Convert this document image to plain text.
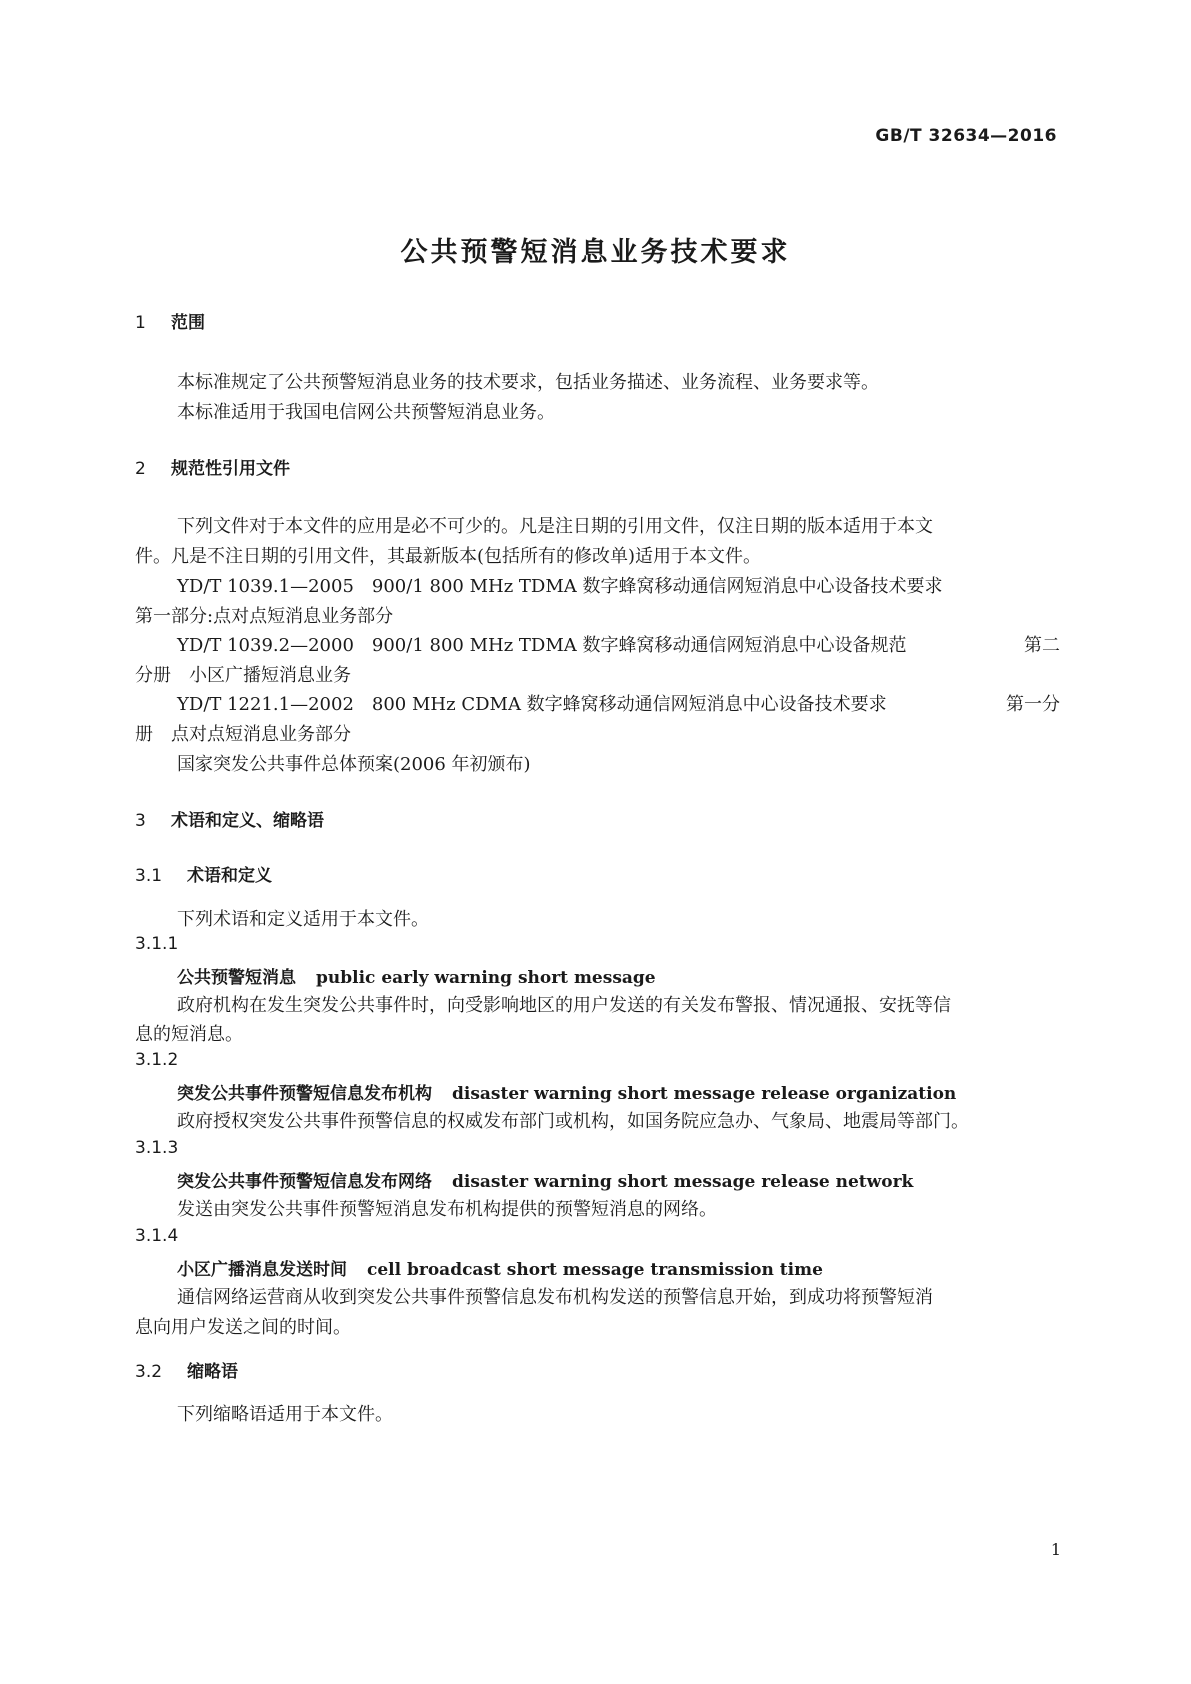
GB/T 32634—2016
公共预警短消息业务技术要求
1 范围
本标准规定了公共预警短消息业务的技术要求，包括业务描述、业务流程、业务要求等。
本标准适用于我国电信网公共预警短消息业务。
2 规范性引用文件
下列文件对于本文件的应用是必不可少的。凡是注日期的引用文件，仅注日期的版本适用于本文
件。凡是不注日期的引用文件，其最新版本(包括所有的修改单)适用于本文件。
YD/T 1039.1—2005 900/1 800 MHz TDMA 数字蜂窝移动通信网短消息中心设备技术要求
第一部分:点对点短消息业务部分
YD/T 1039.2—2000 900/1 800 MHz TDMA 数字蜂窝移动通信网短消息中心设备规范	第二
分册 小区广播短消息业务
YD/T 1221.1—2002 800 MHz CDMA 数字蜂窝移动通信网短消息中心设备技术要求	第一分
册 点对点短消息业务部分
国家突发公共事件总体预案(2006 年初颁布)
3 术语和定义、缩略语
3.1 术语和定义
下列术语和定义适用于本文件。
3.1.1
公共预警短消息 public early warning short message
政府机构在发生突发公共事件时，向受影响地区的用户发送的有关发布警报、情况通报、安抚等信
息的短消息。
3.1.2
突发公共事件预警短信息发布机构 disaster warning short message release organization
政府授权突发公共事件预警信息的权威发布部门或机构，如国务院应急办、气象局、地震局等部门。
3.1.3
突发公共事件预警短信息发布网络 disaster warning short message release network
发送由突发公共事件预警短消息发布机构提供的预警短消息的网络。
3.1.4
小区广播消息发送时间 cell broadcast short message transmission time
通信网络运营商从收到突发公共事件预警信息发布机构发送的预警信息开始，到成功将预警短消
息向用户发送之间的时间。
3.2 缩略语
下列缩略语适用于本文件。
1
